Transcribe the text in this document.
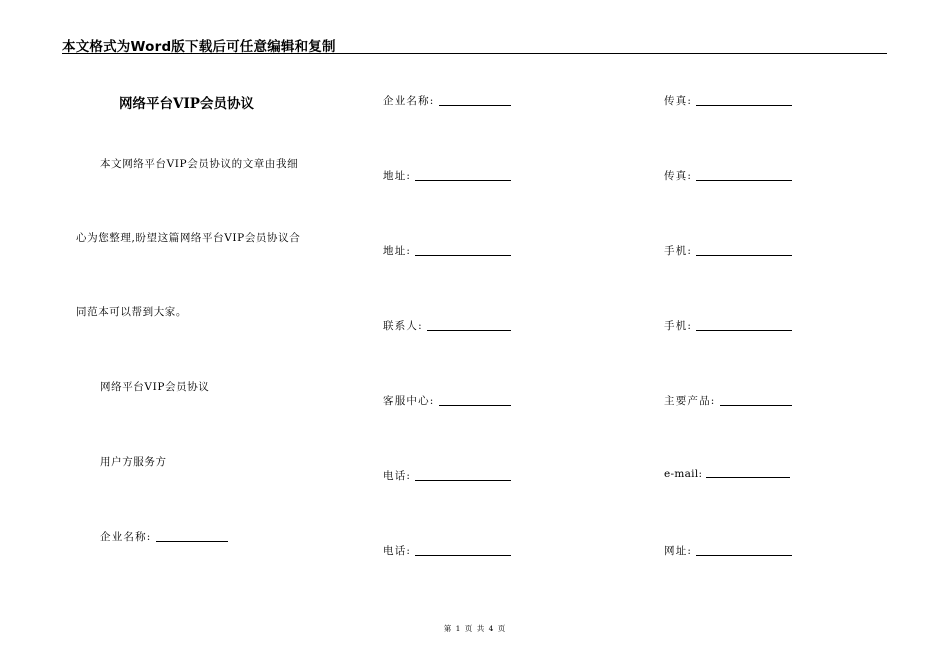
本文格式为Word版下载后可任意编辑和复制
网络平台VIP会员协议
本文网络平台VIP会员协议的文章由我细
心为您整理,盼望这篇网络平台VIP会员协议合
同范本可以帮到大家。
网络平台VIP会员协议
用户方服务方
企业名称:
企业名称:
地址:
地址:
联系人:
客服中心:
电话:
电话:
传真:
传真:
手机:
手机:
主要产品:
e-mail:
网址:
第 1 页 共 4 页
